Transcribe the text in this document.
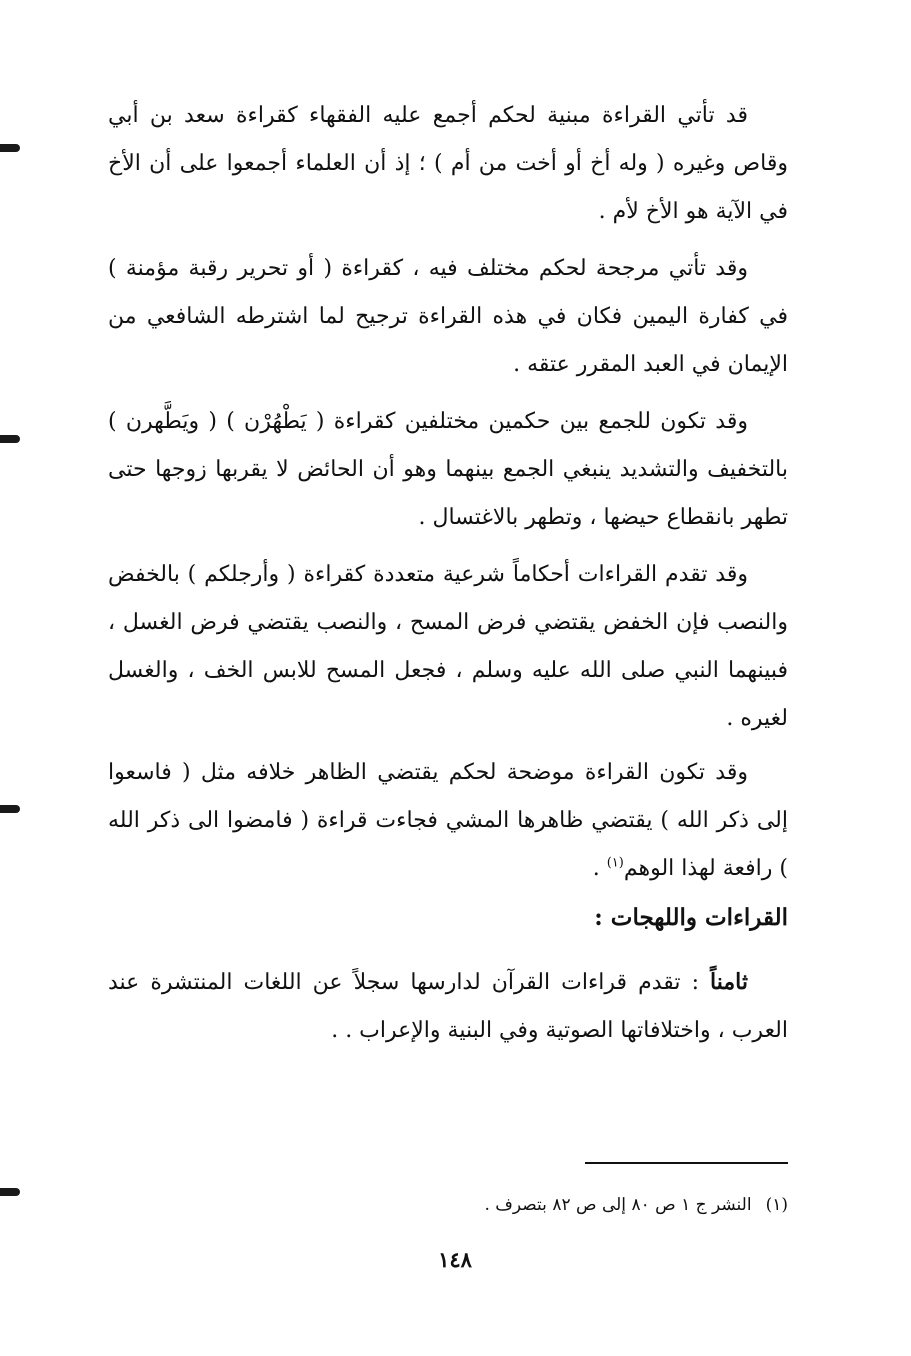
قد تأتي القراءة مبنية لحكم أجمع عليه الفقهاء كقراءة سعد بن أبي وقاص وغيره ( وله أخ أو أخت من أم ) ؛ إذ أن العلماء أجمعوا على أن الأخ في الآية هو الأخ لأم .

وقد تأتي مرجحة لحكم مختلف فيه ، كقراءة ( أو تحرير رقبة مؤمنة ) في كفارة اليمين فكان في هذه القراءة ترجيح لما اشترطه الشافعي من الإيمان في العبد المقرر عتقه .

وقد تكون للجمع بين حكمين مختلفين كقراءة ( يَطْهُرْن ) ( ويَطَّهرن ) بالتخفيف والتشديد ينبغي الجمع بينهما وهو أن الحائض لا يقربها زوجها حتى تطهر بانقطاع حيضها ، وتطهر بالاغتسال .

وقد تقدم القراءات أحكاماً شرعية متعددة كقراءة ( وأرجلكم ) بالخفض والنصب فإن الخفض يقتضي فرض المسح ، والنصب يقتضي فرض الغسل ، فبينهما النبي صلى الله عليه وسلم ، فجعل المسح للابس الخف ، والغسل لغيره .

وقد تكون القراءة موضحة لحكم يقتضي الظاهر خلافه مثل ( فاسعوا إلى ذكر الله ) يقتضي ظاهرها المشي فجاءت قراءة ( فامضوا الى ذكر الله ) رافعة لهذا الوهم$^{(١)}$ .

القراءات واللهجات :

ثامناً : تقدم قراءات القرآن لدارسها سجلاً عن اللغات المنتشرة عند العرب ، واختلافاتها الصوتية وفي البنية والإعراب . .

(١)النشر ج ١ ص ٨٠ إلى ص ٨٢ بتصرف .
١٤٨
